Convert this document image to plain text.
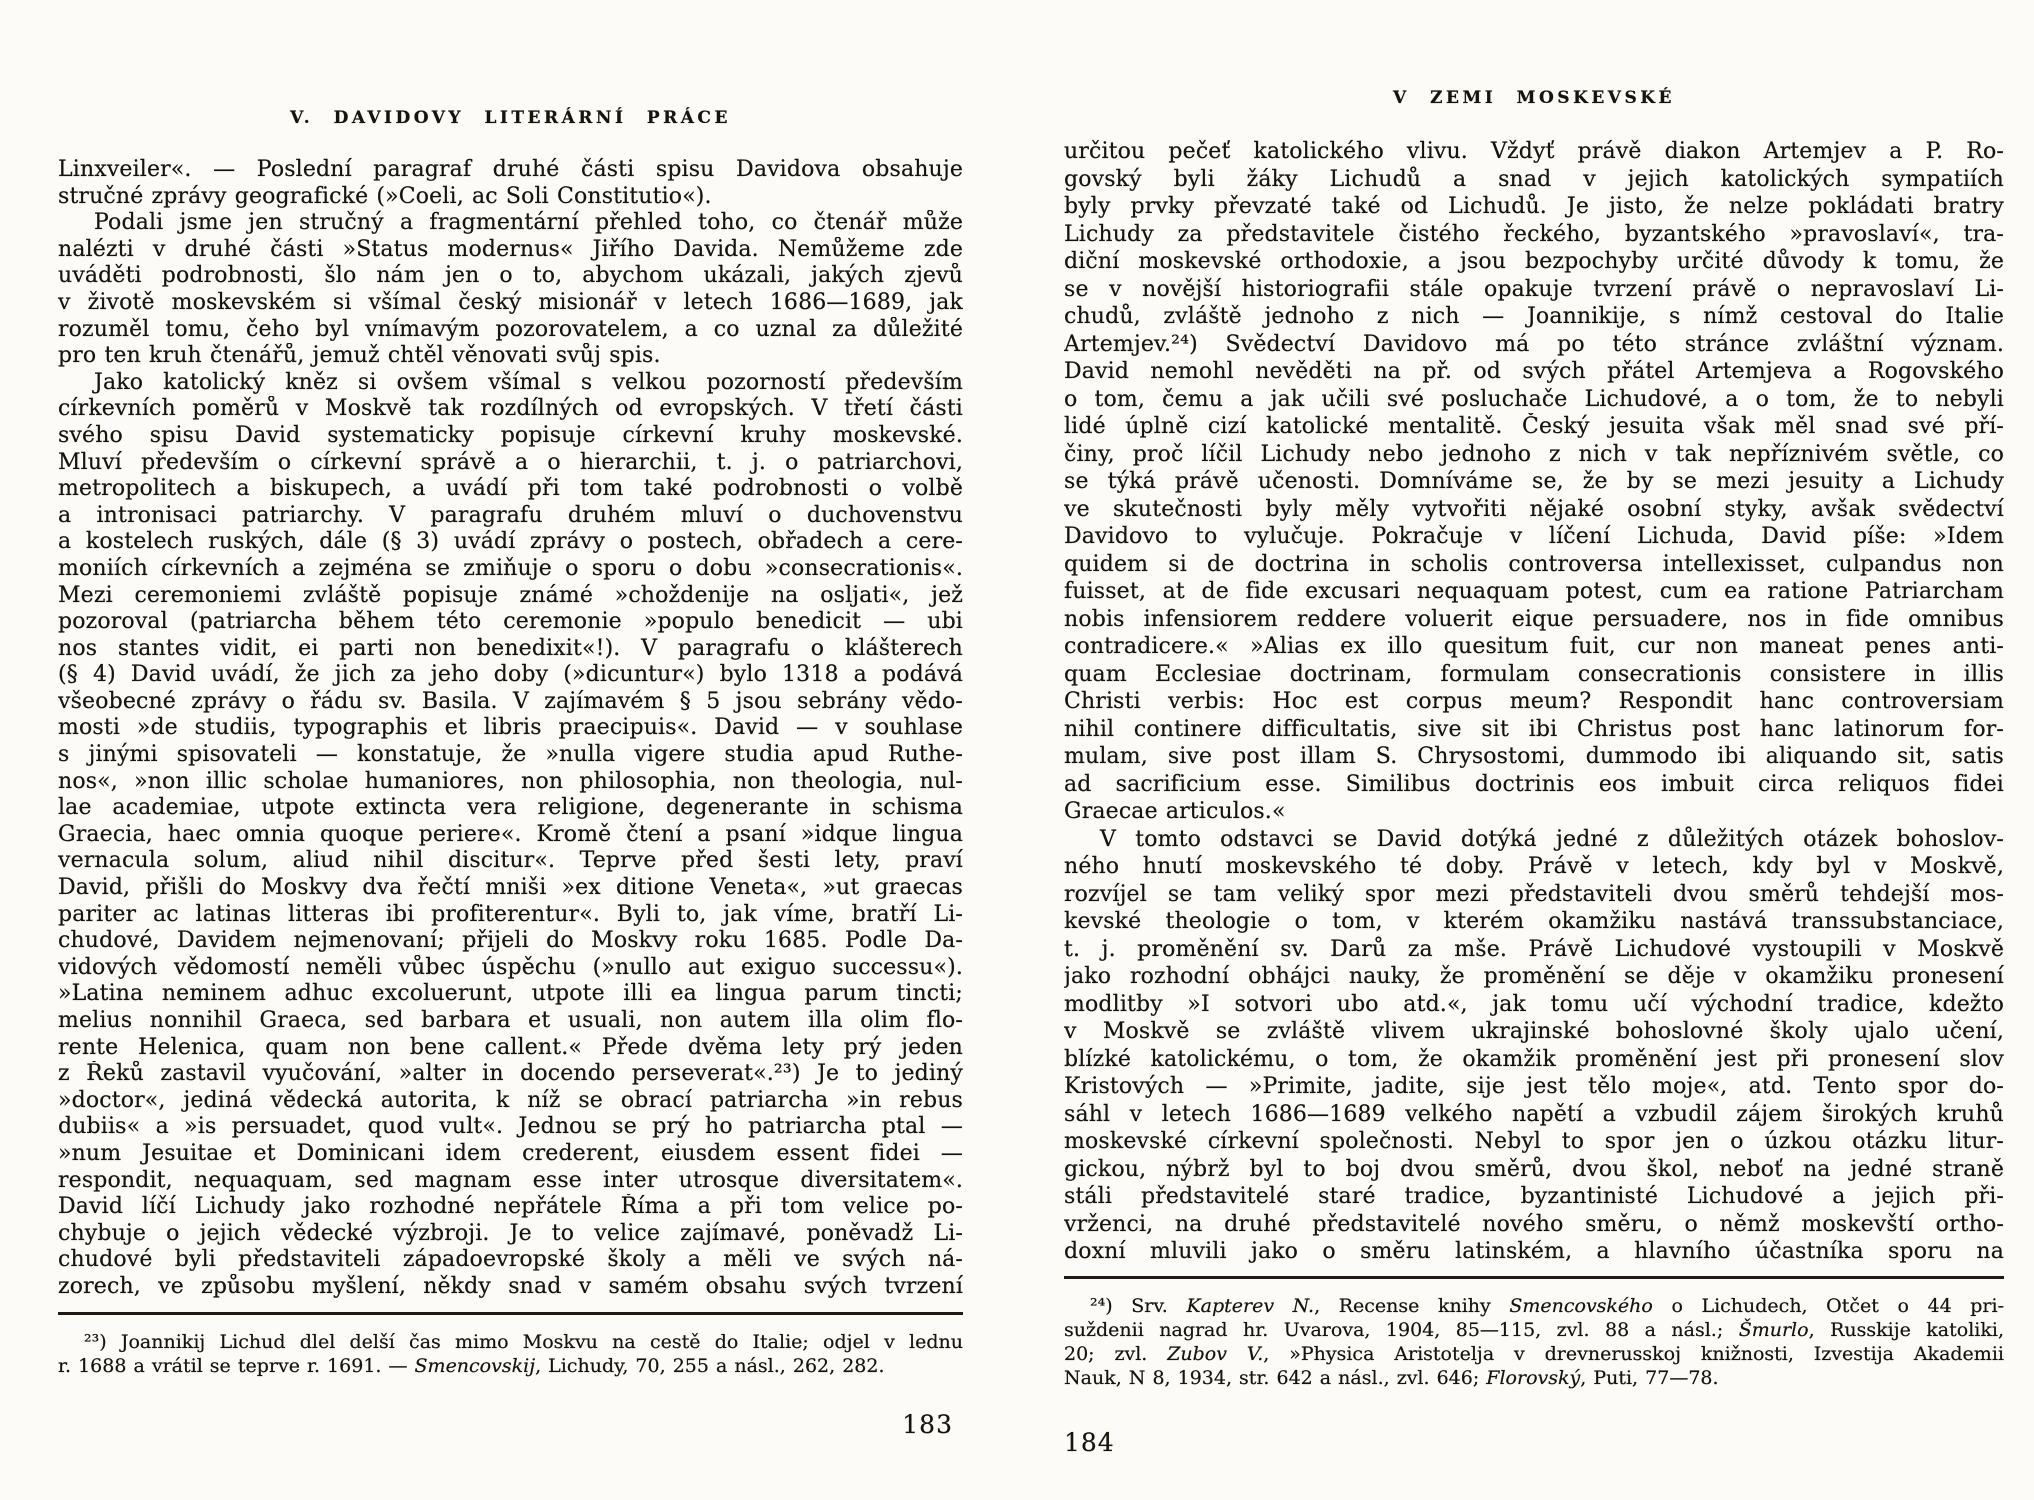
V. DAVIDOVY LITERÁRNÍ PRÁCE
Linxveiler«. — Poslední paragraf druhé části spisu Davidova obsahuje
stručné zprávy geografické (»Coeli, ac Soli Constitutio«).
Podali jsme jen stručný a fragmentární přehled toho, co čtenář může
nalézti v druhé části »Status modernus« Jiřího Davida. Nemůžeme zde
uváděti podrobnosti, šlo nám jen o to, abychom ukázali, jakých zjevů
v životě moskevském si všímal český misionář v letech 1686—1689, jak
rozuměl tomu, čeho byl vnímavým pozorovatelem, a co uznal za důležité
pro ten kruh čtenářů, jemuž chtěl věnovati svůj spis.
Jako katolický kněz si ovšem všímal s velkou pozorností především
církevních poměrů v Moskvě tak rozdílných od evropských. V třetí části
svého spisu David systematicky popisuje církevní kruhy moskevské.
Mluví především o církevní správě a o hierarchii, t. j. o patriarchovi,
metropolitech a biskupech, a uvádí při tom také podrobnosti o volbě
a intronisaci patriarchy. V paragrafu druhém mluví o duchovenstvu
a kostelech ruských, dále (§ 3) uvádí zprávy o postech, obřadech a cere-
moniích církevních a zejména se zmiňuje o sporu o dobu »consecrationis«.
Mezi ceremoniemi zvláště popisuje známé »choždenije na osljati«, jež
pozoroval (patriarcha během této ceremonie »populo benedicit — ubi
nos stantes vidit, ei parti non benedixit«!). V paragrafu o klášterech
(§ 4) David uvádí, že jich za jeho doby (»dicuntur«) bylo 1318 a podává
všeobecné zprávy o řádu sv. Basila. V zajímavém § 5 jsou sebrány vědo-
mosti »de studiis, typographis et libris praecipuis«. David — v souhlase
s jinými spisovateli — konstatuje, že »nulla vigere studia apud Ruthe-
nos«, »non illic scholae humaniores, non philosophia, non theologia, nul-
lae academiae, utpote extincta vera religione, degenerante in schisma
Graecia, haec omnia quoque periere«. Kromě čtení a psaní »idque lingua
vernacula solum, aliud nihil discitur«. Teprve před šesti lety, praví
David, přišli do Moskvy dva řečtí mniši »ex ditione Veneta«, »ut graecas
pariter ac latinas litteras ibi profiterentur«. Byli to, jak víme, bratří Li-
chudové, Davidem nejmenovaní; přijeli do Moskvy roku 1685. Podle Da-
vidových vědomostí neměli vůbec úspěchu (»nullo aut exiguo successu«).
»Latina neminem adhuc excoluerunt, utpote illi ea lingua parum tincti;
melius nonnihil Graeca, sed barbara et usuali, non autem illa olim flo-
rente Helenica, quam non bene callent.« Přede dvěma lety prý jeden
z Řeků zastavil vyučování, »alter in docendo perseverat«.²³) Je to jediný
»doctor«, jediná vědecká autorita, k níž se obrací patriarcha »in rebus
dubiis« a »is persuadet, quod vult«. Jednou se prý ho patriarcha ptal —
»num Jesuitae et Dominicani idem crederent, eiusdem essent fidei —
respondit, nequaquam, sed magnam esse inter utrosque diversitatem«.
David líčí Lichudy jako rozhodné nepřátele Říma a při tom velice po-
chybuje o jejich vědecké výzbroji. Je to velice zajímavé, poněvadž Li-
chudové byli představiteli západoevropské školy a měli ve svých ná-
zorech, ve způsobu myšlení, někdy snad v samém obsahu svých tvrzení
²³) Joannikij Lichud dlel delší čas mimo Moskvu na cestě do Italie; odjel v lednu
r. 1688 a vrátil se teprve r. 1691. — Smencovskij, Lichudy, 70, 255 a násl., 262, 282.
183
V ZEMI MOSKEVSKÉ
určitou pečeť katolického vlivu. Vždyť právě diakon Artemjev a P. Ro-
govský byli žáky Lichudů a snad v jejich katolických sympatiích
byly prvky převzaté také od Lichudů. Je jisto, že nelze pokládati bratry
Lichudy za představitele čistého řeckého, byzantského »pravoslaví«, tra-
diční moskevské orthodoxie, a jsou bezpochyby určité důvody k tomu, že
se v novější historiografii stále opakuje tvrzení právě o nepravoslaví Li-
chudů, zvláště jednoho z nich — Joannikije, s nímž cestoval do Italie
Artemjev.²⁴) Svědectví Davidovo má po této stránce zvláštní význam.
David nemohl nevěděti na př. od svých přátel Artemjeva a Rogovského
o tom, čemu a jak učili své posluchače Lichudové, a o tom, že to nebyli
lidé úplně cizí katolické mentalitě. Český jesuita však měl snad své pří-
činy, proč líčil Lichudy nebo jednoho z nich v tak nepříznivém světle, co
se týká právě učenosti. Domníváme se, že by se mezi jesuity a Lichudy
ve skutečnosti byly měly vytvořiti nějaké osobní styky, avšak svědectví
Davidovo to vylučuje. Pokračuje v líčení Lichuda, David píše: »Idem
quidem si de doctrina in scholis controversa intellexisset, culpandus non
fuisset, at de fide excusari nequaquam potest, cum ea ratione Patriarcham
nobis infensiorem reddere voluerit eique persuadere, nos in fide omnibus
contradicere.« »Alias ex illo quesitum fuit, cur non maneat penes anti-
quam Ecclesiae doctrinam, formulam consecrationis consistere in illis
Christi verbis: Hoc est corpus meum? Respondit hanc controversiam
nihil continere difficultatis, sive sit ibi Christus post hanc latinorum for-
mulam, sive post illam S. Chrysostomi, dummodo ibi aliquando sit, satis
ad sacrificium esse. Similibus doctrinis eos imbuit circa reliquos fidei
Graecae articulos.«
V tomto odstavci se David dotýká jedné z důležitých otázek bohoslov-
ného hnutí moskevského té doby. Právě v letech, kdy byl v Moskvě,
rozvíjel se tam veliký spor mezi představiteli dvou směrů tehdejší mos-
kevské theologie o tom, v kterém okamžiku nastává transsubstanciace,
t. j. proměnění sv. Darů za mše. Právě Lichudové vystoupili v Moskvě
jako rozhodní obhájci nauky, že proměnění se děje v okamžiku pronesení
modlitby »I sotvori ubo atd.«, jak tomu učí východní tradice, kdežto
v Moskvě se zvláště vlivem ukrajinské bohoslovné školy ujalo učení,
blízké katolickému, o tom, že okamžik proměnění jest při pronesení slov
Kristových — »Primite, jadite, sije jest tělo moje«, atd. Tento spor do-
sáhl v letech 1686—1689 velkého napětí a vzbudil zájem širokých kruhů
moskevské církevní společnosti. Nebyl to spor jen o úzkou otázku litur-
gickou, nýbrž byl to boj dvou směrů, dvou škol, neboť na jedné straně
stáli představitelé staré tradice, byzantinisté Lichudové a jejich při-
vrženci, na druhé představitelé nového směru, o němž moskevští ortho-
doxní mluvili jako o směru latinském, a hlavního účastníka sporu na
²⁴) Srv. Kapterev N., Recense knihy Smencovského o Lichudech, Otčet o 44 pri-
suždenii nagrad hr. Uvarova, 1904, 85—115, zvl. 88 a násl.; Šmurlo, Russkije katoliki,
20; zvl. Zubov V., »Physica Aristotelja v drevnerusskoj knižnosti, Izvestija Akademii
Nauk, N 8, 1934, str. 642 a násl., zvl. 646; Florovský, Puti, 77—78.
184
